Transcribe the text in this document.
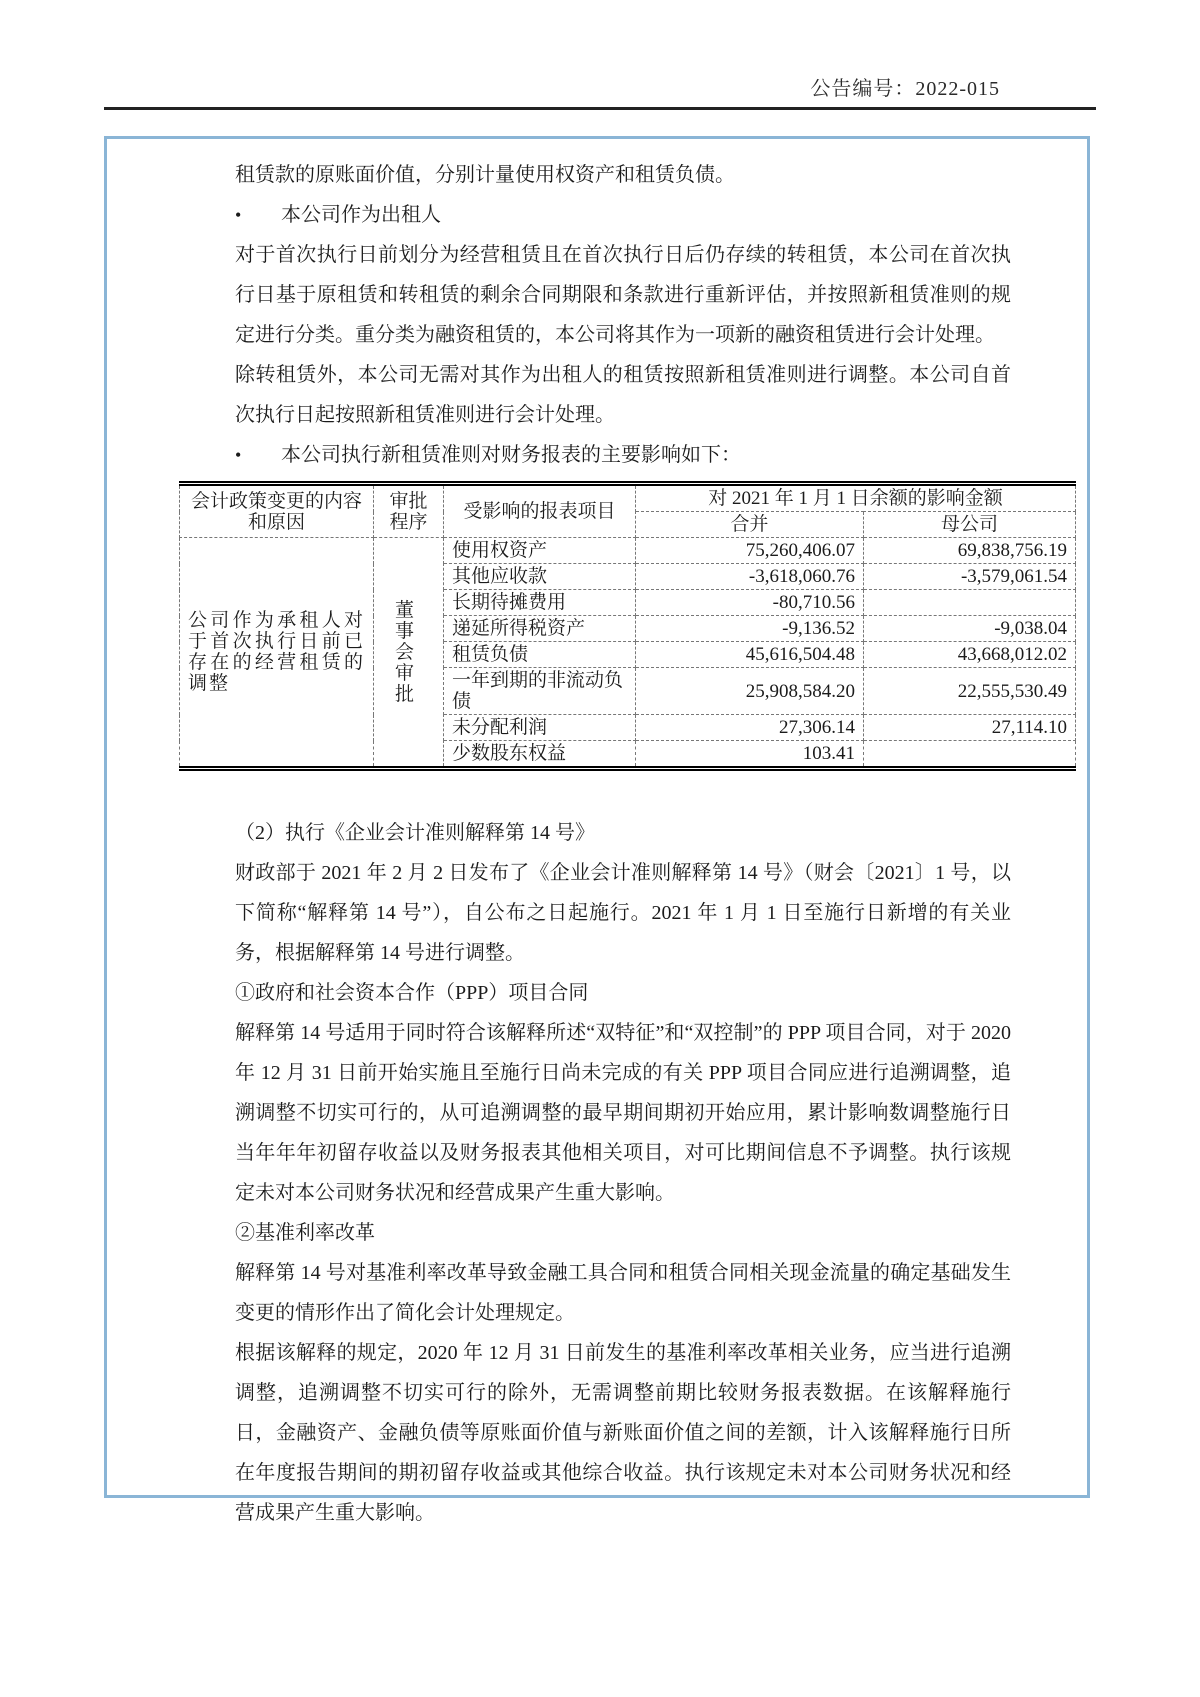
公告编号：2022-015

租赁款的原账面价值，分别计量使用权资产和租赁负债。

•	本公司作为出租人

对于首次执行日前划分为经营租赁且在首次执行日后仍存续的转租赁，本公司在首次执行日基于原租赁和转租赁的剩余合同期限和条款进行重新评估，并按照新租赁准则的规定进行分类。重分类为融资租赁的，本公司将其作为一项新的融资租赁进行会计处理。

除转租赁外，本公司无需对其作为出租人的租赁按照新租赁准则进行调整。本公司自首次执行日起按照新租赁准则进行会计处理。

•	本公司执行新租赁准则对财务报表的主要影响如下：
会计政策变更的内容和原因	审批程序	受影响的报表项目	对 2021 年 1 月 1 日余额的影响金额	
			合并	母公司
公司作为承租人对于首次执行日前已存在的经营租赁的调整	董事会审批	使用权资产	75,260,406.07	69,838,756.19
		其他应收款	-3,618,060.76	-3,579,061.54
		长期待摊费用	-80,710.56	
		递延所得税资产	-9,136.52	-9,038.04
		租赁负债	45,616,504.48	43,668,012.02
		一年到期的非流动负债	25,908,584.20	22,555,530.49
		未分配利润	27,306.14	27,114.10
		少数股东权益	103.41	

（2）执行《企业会计准则解释第 14 号》

财政部于 2021 年 2 月 2 日发布了《企业会计准则解释第 14 号》（财会〔2021〕1 号，以下简称“解释第 14 号”），自公布之日起施行。2021 年 1 月 1 日至施行日新增的有关业务，根据解释第 14 号进行调整。

①政府和社会资本合作（PPP）项目合同

解释第 14 号适用于同时符合该解释所述“双特征”和“双控制”的 PPP 项目合同，对于 2020 年 12 月 31 日前开始实施且至施行日尚未完成的有关 PPP 项目合同应进行追溯调整，追溯调整不切实可行的，从可追溯调整的最早期间期初开始应用，累计影响数调整施行日当年年年初留存收益以及财务报表其他相关项目，对可比期间信息不予调整。执行该规定未对本公司财务状况和经营成果产生重大影响。

②基准利率改革

解释第 14 号对基准利率改革导致金融工具合同和租赁合同相关现金流量的确定基础发生变更的情形作出了简化会计处理规定。

根据该解释的规定，2020 年 12 月 31 日前发生的基准利率改革相关业务，应当进行追溯调整，追溯调整不切实可行的除外，无需调整前期比较财务报表数据。在该解释施行日，金融资产、金融负债等原账面价值与新账面价值之间的差额，计入该解释施行日所在年度报告期间的期初留存收益或其他综合收益。执行该规定未对本公司财务状况和经营成果产生重大影响。
